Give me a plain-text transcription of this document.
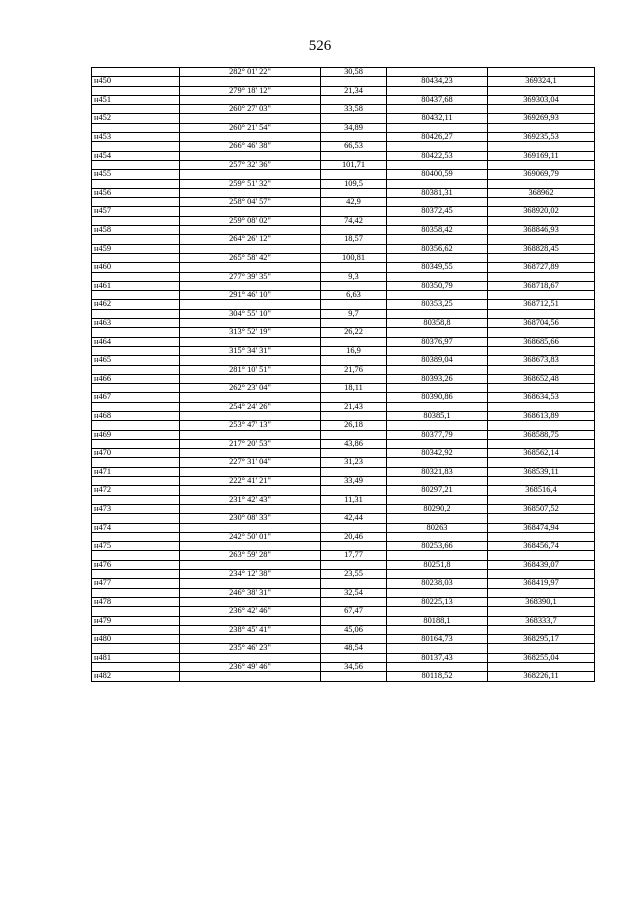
526
	282° 01' 22"	30,58		
н450			80434,23	369324,1
	279° 18' 12"	21,34		
н451			80437,68	369303,04
	260° 27' 03"	33,58		
н452			80432,11	369269,93
	260° 21' 54"	34,89		
н453			80426,27	369235,53
	266° 46' 38"	66,53		
н454			80422,53	369169,11
	257° 32' 36"	101,71		
н455			80400,59	369069,79
	259° 51' 32"	109,5		
н456			80381,31	368962
	258° 04' 57"	42,9		
н457			80372,45	368920,02
	259° 08' 02"	74,42		
н458			80358,42	368846,93
	264° 26' 12"	18,57		
н459			80356,62	368828,45
	265° 58' 42"	100,81		
н460			80349,55	368727,89
	277° 39' 35"	9,3		
н461			80350,79	368718,67
	291° 46' 10"	6,63		
н462			80353,25	368712,51
	304° 55' 10"	9,7		
н463			80358,8	368704,56
	313° 52' 19"	26,22		
н464			80376,97	368685,66
	315° 34' 31"	16,9		
н465			80389,04	368673,83
	281° 10' 51"	21,76		
н466			80393,26	368652,48
	262° 23' 04"	18,11		
н467			80390,86	368634,53
	254° 24' 26"	21,43		
н468			80385,1	368613,89
	253° 47' 13"	26,18		
н469			80377,79	368588,75
	217° 20' 53"	43,86		
н470			80342,92	368562,14
	227° 31' 04"	31,23		
н471			80321,83	368539,11
	222° 41' 21"	33,49		
н472			80297,21	368516,4
	231° 42' 43"	11,31		
н473			80290,2	368507,52
	230° 08' 33"	42,44		
н474			80263	368474,94
	242° 50' 01"	20,46		
н475			80253,66	368456,74
	263° 59' 28"	17,77		
н476			80251,8	368439,07
	234° 12' 38"	23,55		
н477			80238,03	368419,97
	246° 38' 31"	32,54		
н478			80225,13	368390,1
	236° 42' 46"	67,47		
н479			80188,1	368333,7
	238° 45' 41"	45,06		
н480			80164,73	368295,17
	235° 46' 23"	48,54		
н481			80137,43	368255,04
	236° 49' 46"	34,56		
н482			80118,52	368226,11
